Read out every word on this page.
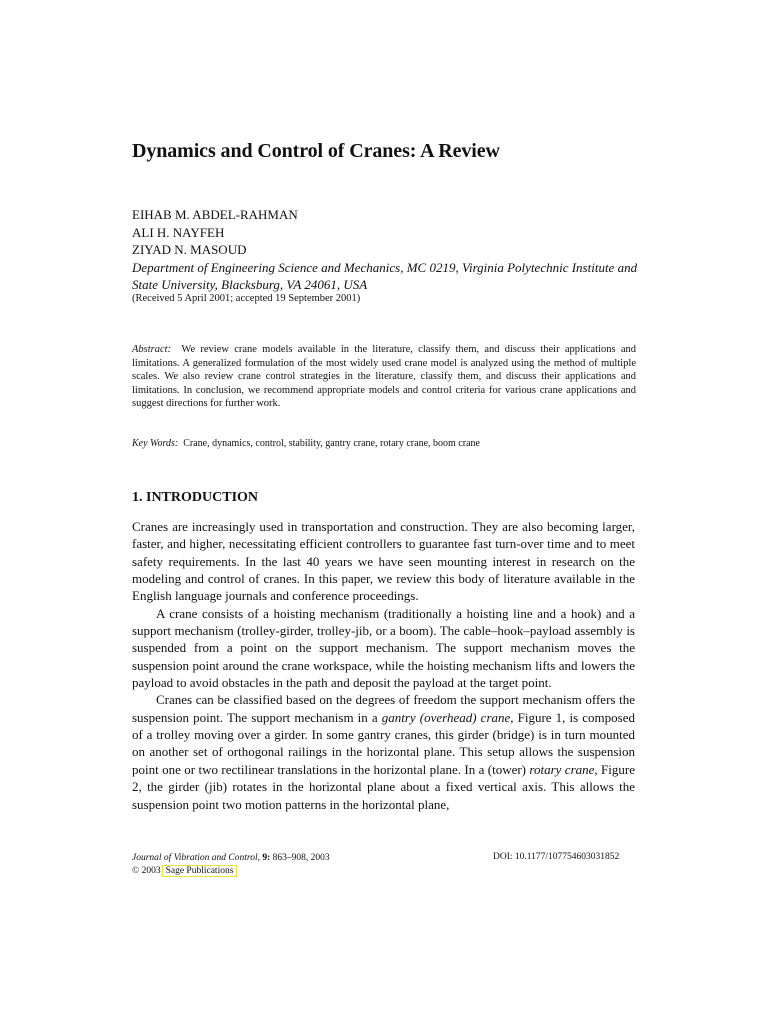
Dynamics and Control of Cranes: A Review
EIHAB M. ABDEL-RAHMAN
ALI H. NAYFEH
ZIYAD N. MASOUD
Department of Engineering Science and Mechanics, MC 0219, Virginia Polytechnic Institute and State University, Blacksburg, VA 24061, USA
(Received 5 April 2001; accepted 19 September 2001)

Abstract: We review crane models available in the literature, classify them, and discuss their applications and limitations. A generalized formulation of the most widely used crane model is analyzed using the method of multiple scales. We also review crane control strategies in the literature, classify them, and discuss their applications and limitations. In conclusion, we recommend appropriate models and control criteria for various crane applications and suggest directions for further work.

Key Words: Crane, dynamics, control, stability, gantry crane, rotary crane, boom crane
1. INTRODUCTION

Cranes are increasingly used in transportation and construction. They are also becoming larger, faster, and higher, necessitating efficient controllers to guarantee fast turn-over time and to meet safety requirements. In the last 40 years we have seen mounting interest in research on the modeling and control of cranes. In this paper, we review this body of literature available in the English language journals and conference proceedings.

A crane consists of a hoisting mechanism (traditionally a hoisting line and a hook) and a support mechanism (trolley-girder, trolley-jib, or a boom). The cable–hook–payload assembly is suspended from a point on the support mechanism. The support mechanism moves the suspension point around the crane workspace, while the hoisting mechanism lifts and lowers the payload to avoid obstacles in the path and deposit the payload at the target point.

Cranes can be classified based on the degrees of freedom the support mechanism offers the suspension point. The support mechanism in a gantry (overhead) crane, Figure 1, is composed of a trolley moving over a girder. In some gantry cranes, this girder (bridge) is in turn mounted on another set of orthogonal railings in the horizontal plane. This setup allows the suspension point one or two rectilinear translations in the horizontal plane. In a (tower) rotary crane, Figure 2, the girder (jib) rotates in the horizontal plane about a fixed vertical axis. This allows the suspension point two motion patterns in the horizontal plane,

Journal of Vibration and Control, 9: 863–908, 2003
© 2003 Sage Publications
DOI: 10.1177/107754603031852
